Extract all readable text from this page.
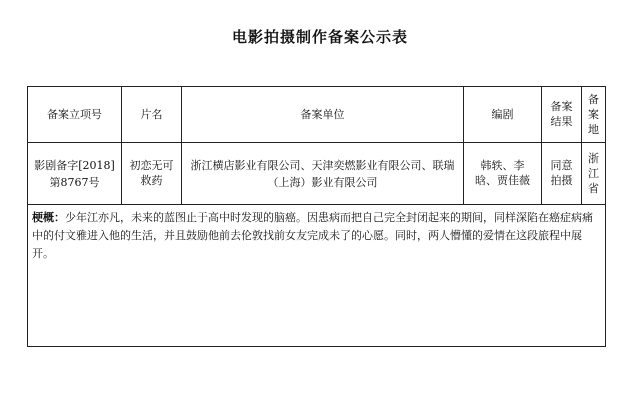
电影拍摄制作备案公示表
备案立项号	片名	备案单位	编剧	备案结果	备案地
影剧备字[2018]第8767号	初恋无可救药	浙江横店影业有限公司、天津奕燃影业有限公司、联瑞（上海）影业有限公司	韩轶、李晗、贾佳薇	同意拍摄	浙江省
梗概：少年江亦凡，未来的蓝图止于高中时发现的脑癌。因患病而把自己完全封闭起来的期间，同样深陷在癌症病痛中的付文雅进入他的生活，并且鼓励他前去伦敦找前女友完成未了的心愿。同时，两人懵懂的爱情在这段旅程中展开。					
